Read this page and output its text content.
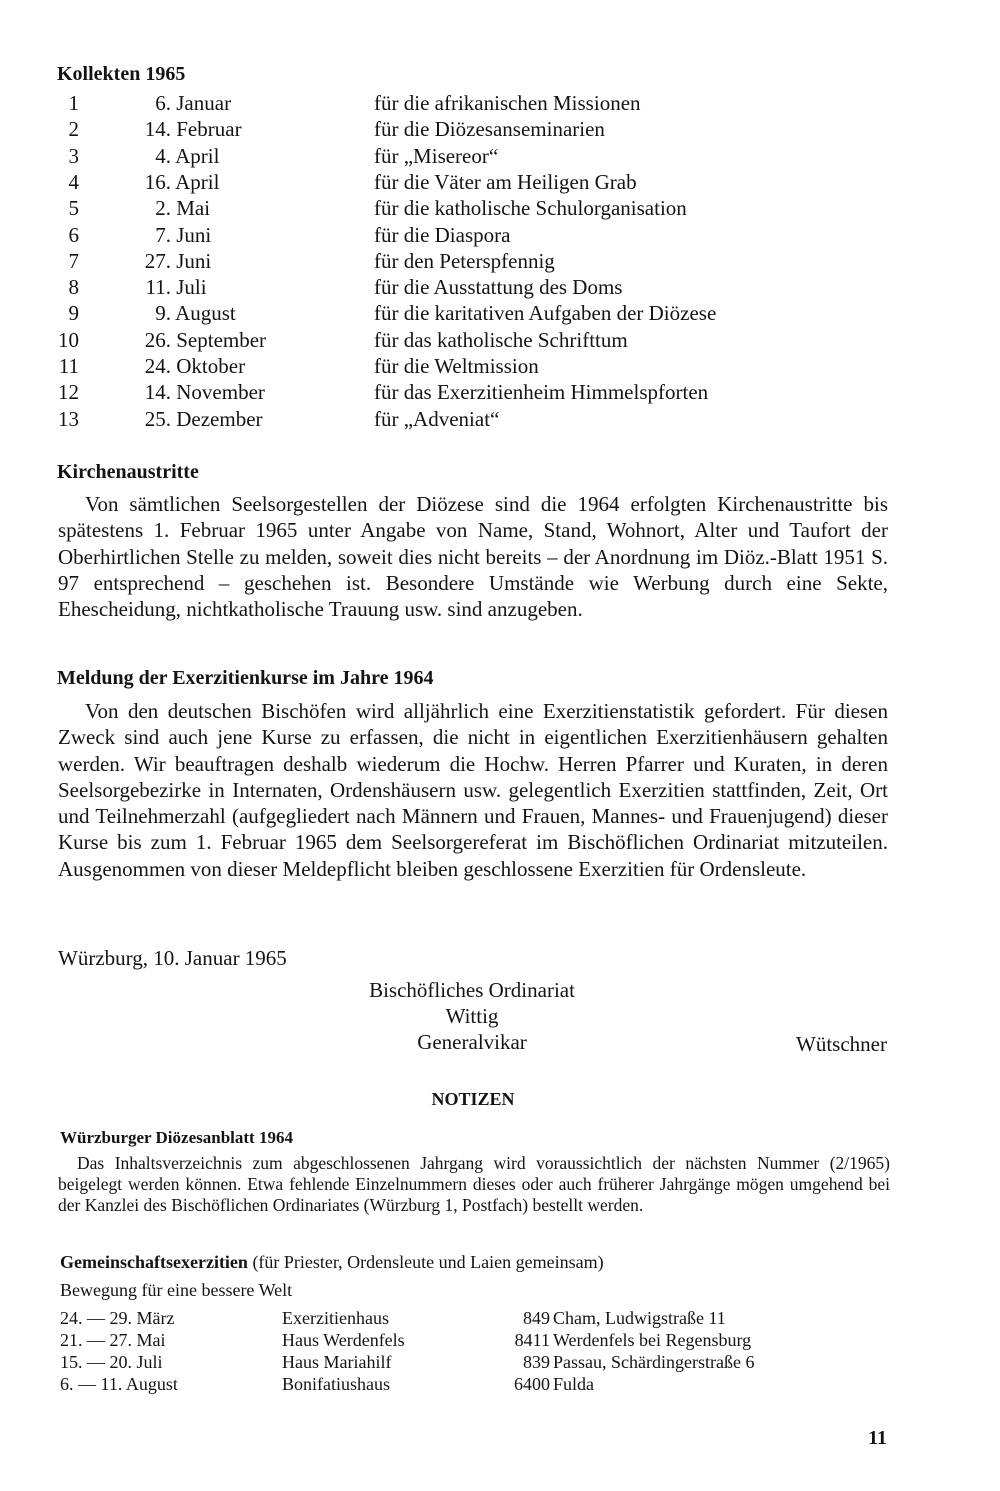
Kollekten 1965
1	6. Januar	für die afrikanischen Missionen
2	14. Februar	für die Diözesanseminarien
3	4. April	für „Misereor“
4	16. April	für die Väter am Heiligen Grab
5	2. Mai	für die katholische Schulorganisation
6	7. Juni	für die Diaspora
7	27. Juni	für den Peterspfennig
8	11. Juli	für die Ausstattung des Doms
9	9. August	für die karitativen Aufgaben der Diözese
10	26. September	für das katholische Schrifttum
11	24. Oktober	für die Weltmission
12	14. November	für das Exerzitienheim Himmelspforten
13	25. Dezember	für „Adveniat“
Kirchenaustritte
Von sämtlichen Seelsorgestellen der Diözese sind die 1964 erfolgten Kirchenaustritte bis spätestens 1. Februar 1965 unter Angabe von Name, Stand, Wohnort, Alter und Taufort der Oberhirtlichen Stelle zu melden, soweit dies nicht bereits – der Anordnung im Diöz.-Blatt 1951 S. 97 entsprechend – geschehen ist. Besondere Umstände wie Werbung durch eine Sekte, Ehescheidung, nichtkatholische Trauung usw. sind anzugeben.
Meldung der Exerzitienkurse im Jahre 1964
Von den deutschen Bischöfen wird alljährlich eine Exerzitienstatistik gefordert. Für diesen Zweck sind auch jene Kurse zu erfassen, die nicht in eigentlichen Exerzitienhäusern gehalten werden. Wir beauftragen deshalb wiederum die Hochw. Herren Pfarrer und Kuraten, in deren Seelsorgebezirke in Internaten, Ordenshäusern usw. gelegentlich Exerzitien stattfinden, Zeit, Ort und Teilnehmerzahl (aufgegliedert nach Männern und Frauen, Mannes- und Frauenjugend) dieser Kurse bis zum 1. Februar 1965 dem Seelsorgereferat im Bischöflichen Ordinariat mitzuteilen. Ausgenommen von dieser Meldepflicht bleiben geschlossene Exerzitien für Ordensleute.
Würzburg, 10. Januar 1965
Bischöfliches Ordinariat
Wittig
Generalvikar	Wütschner
NOTIZEN
Würzburger Diözesanblatt 1964
Das Inhaltsverzeichnis zum abgeschlossenen Jahrgang wird voraussichtlich der nächsten Nummer (2/1965) beigelegt werden können. Etwa fehlende Einzelnummern dieses oder auch früherer Jahrgänge mögen umgehend bei der Kanzlei des Bischöflichen Ordinariates (Würzburg 1, Postfach) bestellt werden.
Gemeinschaftsexerzitien (für Priester, Ordensleute und Laien gemeinsam)
Bewegung für eine bessere Welt
24. — 29. März	Exerzitienhaus	849 Cham, Ludwigstraße 11
21. — 27. Mai	Haus Werdenfels	8411 Werdenfels bei Regensburg
15. — 20. Juli	Haus Mariahilf	839 Passau, Schärdingerstraße 6
6. — 11. August	Bonifatiushaus	6400 Fulda
11
